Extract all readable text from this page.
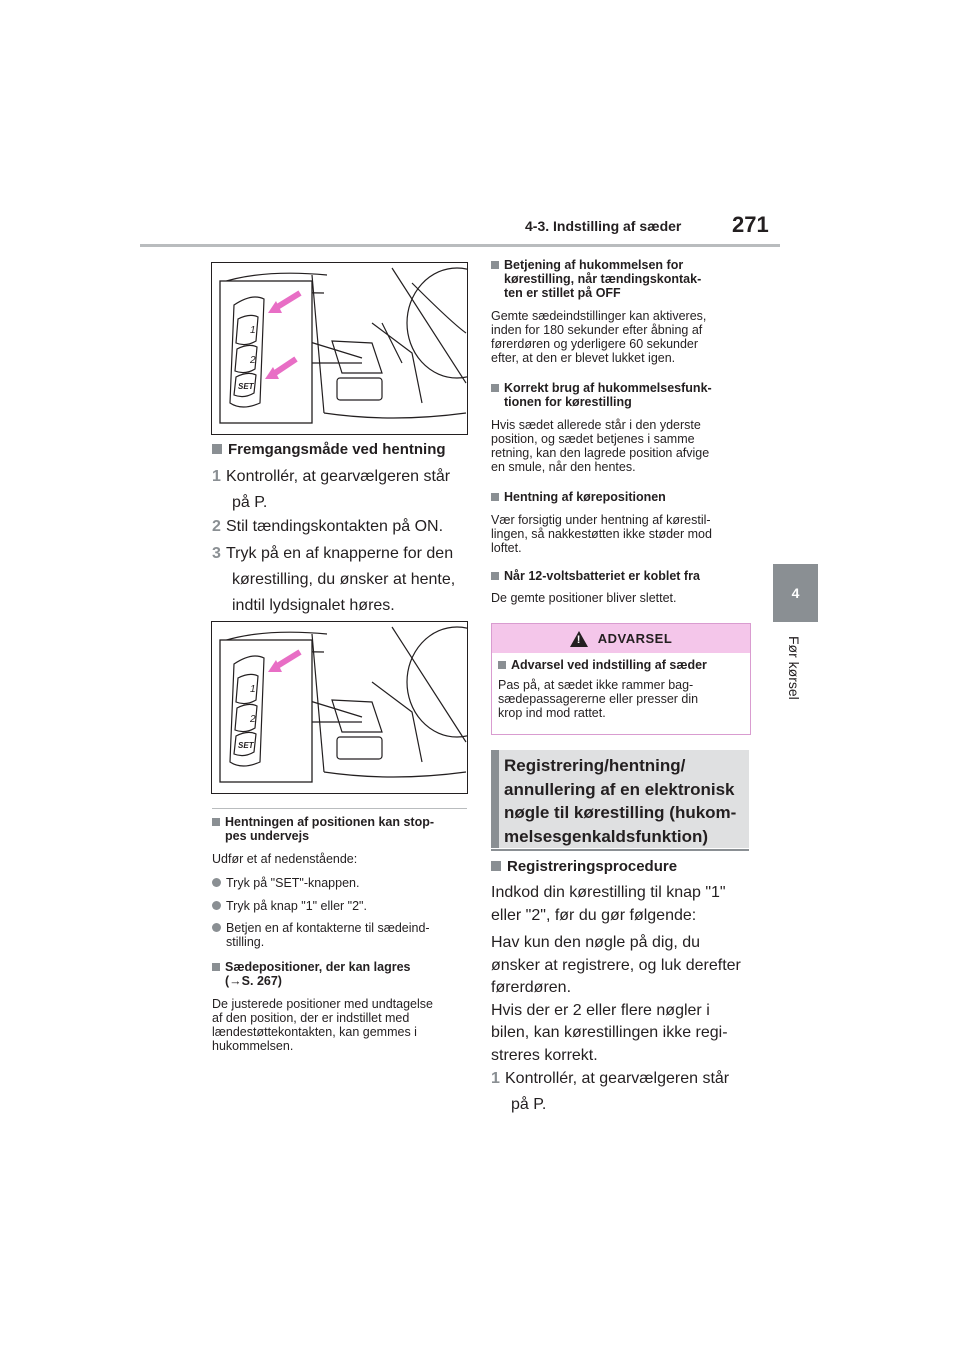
4-3. Indstilling af sæder 271
4
Før kørsel
1
2
SET
Fremgangsmåde ved hentning
1 Kontrollér, at gearvælgeren står
på P.
2 Stil tændingskontakten på ON.
3 Tryk på en af knapperne for den
kørestilling, du ønsker at hente,
indtil lydsignalet høres.
1
2
SET
Hentningen af positionen kan stop-
pes undervejs
Udfør et af nedenstående:
Tryk på "SET"-knappen.
Tryk på knap "1" eller "2".
Betjen en af kontakterne til sædeind-
stilling.
Sædepositioner, der kan lagres
(→S. 267)
De justerede positioner med undtagelse
af den position, der er indstillet med
lændestøttekontakten, kan gemmes i
hukommelsen.
Betjening af hukommelsen for
kørestilling, når tændingskontak-
ten er stillet på OFF
Gemte sædeindstillinger kan aktiveres,
inden for 180 sekunder efter åbning af
førerdøren og yderligere 60 sekunder
efter, at den er blevet lukket igen.
Korrekt brug af hukommelsesfunk-
tionen for kørestilling
Hvis sædet allerede står i den yderste
position, og sædet betjenes i samme
retning, kan den lagrede position afvige
en smule, når den hentes.
Hentning af kørepositionen
Vær forsigtig under hentning af kørestil-
lingen, så nakkestøtten ikke støder mod
loftet.
Når 12-voltsbatteriet er koblet fra
De gemte positioner bliver slettet.
!
ADVARSEL
Advarsel ved indstilling af sæder
Pas på, at sædet ikke rammer bag-
sædepassagererne eller presser din
krop ind mod rattet.
Registrering/hentning/
annullering af en elektronisk
nøgle til kørestilling (hukom-
melsesgenkaldsfunktion)
Registreringsprocedure
Indkod din kørestilling til knap "1"
eller "2", før du gør følgende:
Hav kun den nøgle på dig, du
ønsker at registrere, og luk derefter
førerdøren.
Hvis der er 2 eller flere nøgler i
bilen, kan kørestillingen ikke regi-
streres korrekt.
1 Kontrollér, at gearvælgeren står
på P.
